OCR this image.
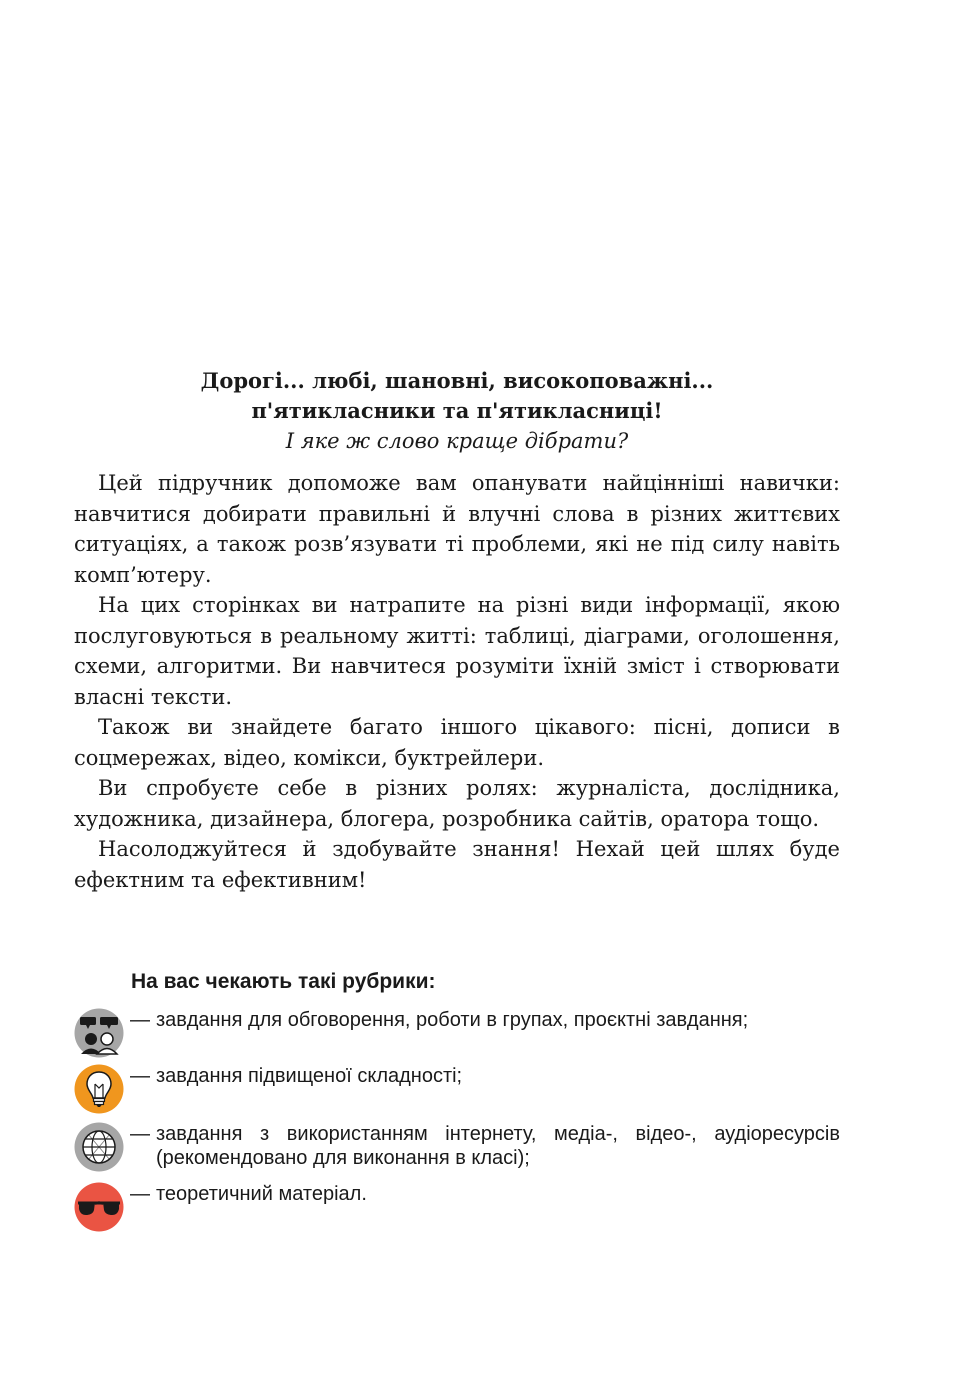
Дорогі... любі, шановні, високоповажні...
п'ятикласники та п'ятикласниці!
І яке ж слово краще дібрати?

Цей підручник допоможе вам опанувати найцінніші навички: навчитися добирати правильні й влучні слова в різних життєвих ситуаціях, а також розв’язувати ті проблеми, які не під силу навіть комп’ютеру.

На цих сторінках ви натрапите на різні види інформації, якою послуговуються в реальному житті: таблиці, діаграми, оголошення, схеми, алгоритми. Ви навчитеся розуміти їхній зміст і створювати власні тексти.

Також ви знайдете багато іншого цікавого: пісні, дописи в соцмережах, відео, комікси, буктрейлери.

Ви спробуєте себе в різних ролях: журналіста, дослідника, художника, дизайнера, блогера, розробника сайтів, оратора тощо.

Насолоджуйтеся й здобувайте знання! Нехай цей шлях буде ефектним та ефективним!

На вас чекають такі рубрики:
— завдання для обговорення, роботи в групах, проєктні завдання;
— завдання підвищеної складності;
— завдання з використанням інтернету, медіа-, відео-, аудіоресурсів (рекомендовано для виконання в класі);
— теоретичний матеріал.
